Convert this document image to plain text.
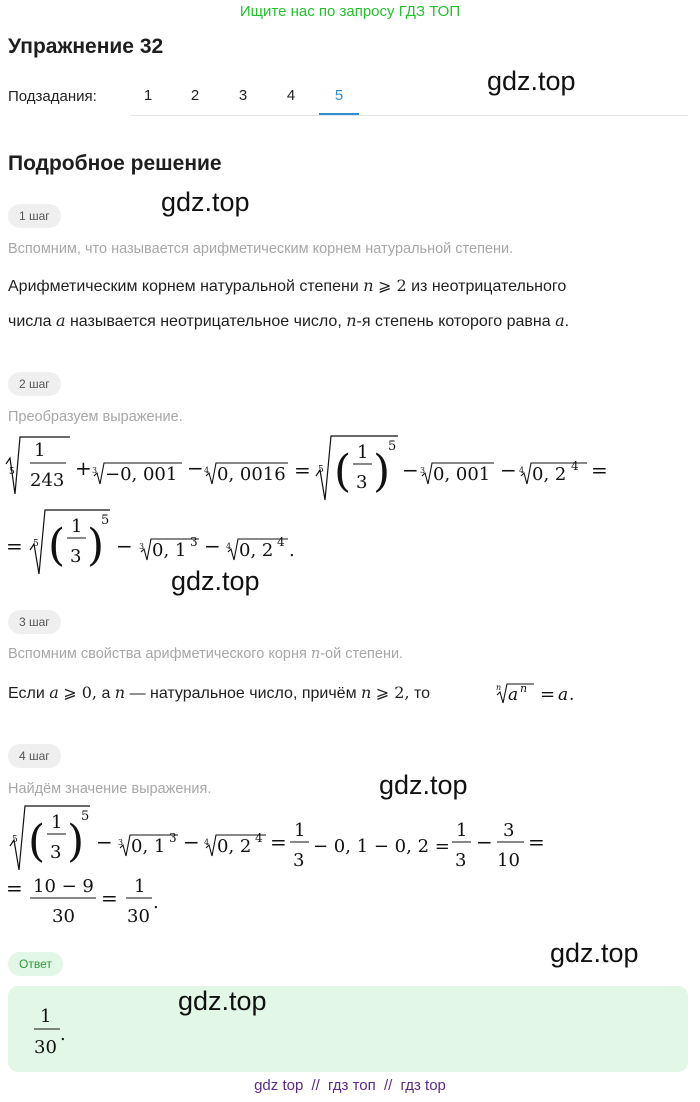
Ищите нас по запросу ГДЗ ТОП
Упражнение 32
Подзадания:	1	2	3	4	5	gdz.top
Подробное решение
gdz.top
1 шаг
Вспомним, что называется арифметическим корнем натуральной степени.
Арифметическим корнем натуральной степени n ⩾ 2 из неотрицательного
числа a называется неотрицательное число, n-я степень которого равна a.
2 шаг
Преобразуем выражение.
5
1
243
+ 3 −0, 001 − 4 0, 0016 = 5 ( 1
3 )
5
− 3 0, 001 − 4 0, 2 4 =
= 5 ( 1
3 )
5
− 3 0, 1 3 − 4 0, 2 4 .
gdz.top
3 шаг
Вспомним свойства арифметического корня n-ой степени.
Если a ⩾ 0, а n — натуральное число, причём n ⩾ 2, то	n a n = a .
4 шаг
gdz.top
Найдём значение выражения.
5 ( 1
3 )
5
− 3 0, 1 3 − 4 0, 2 4 = 1
3
− 0, 1 − 0, 2 =
1
3
− 3
10
=
= 10 − 9
30
= 1
30
.
gdz.top
Ответ
gdz.top
1
30
.
gdz top // гдз топ // гдз top
